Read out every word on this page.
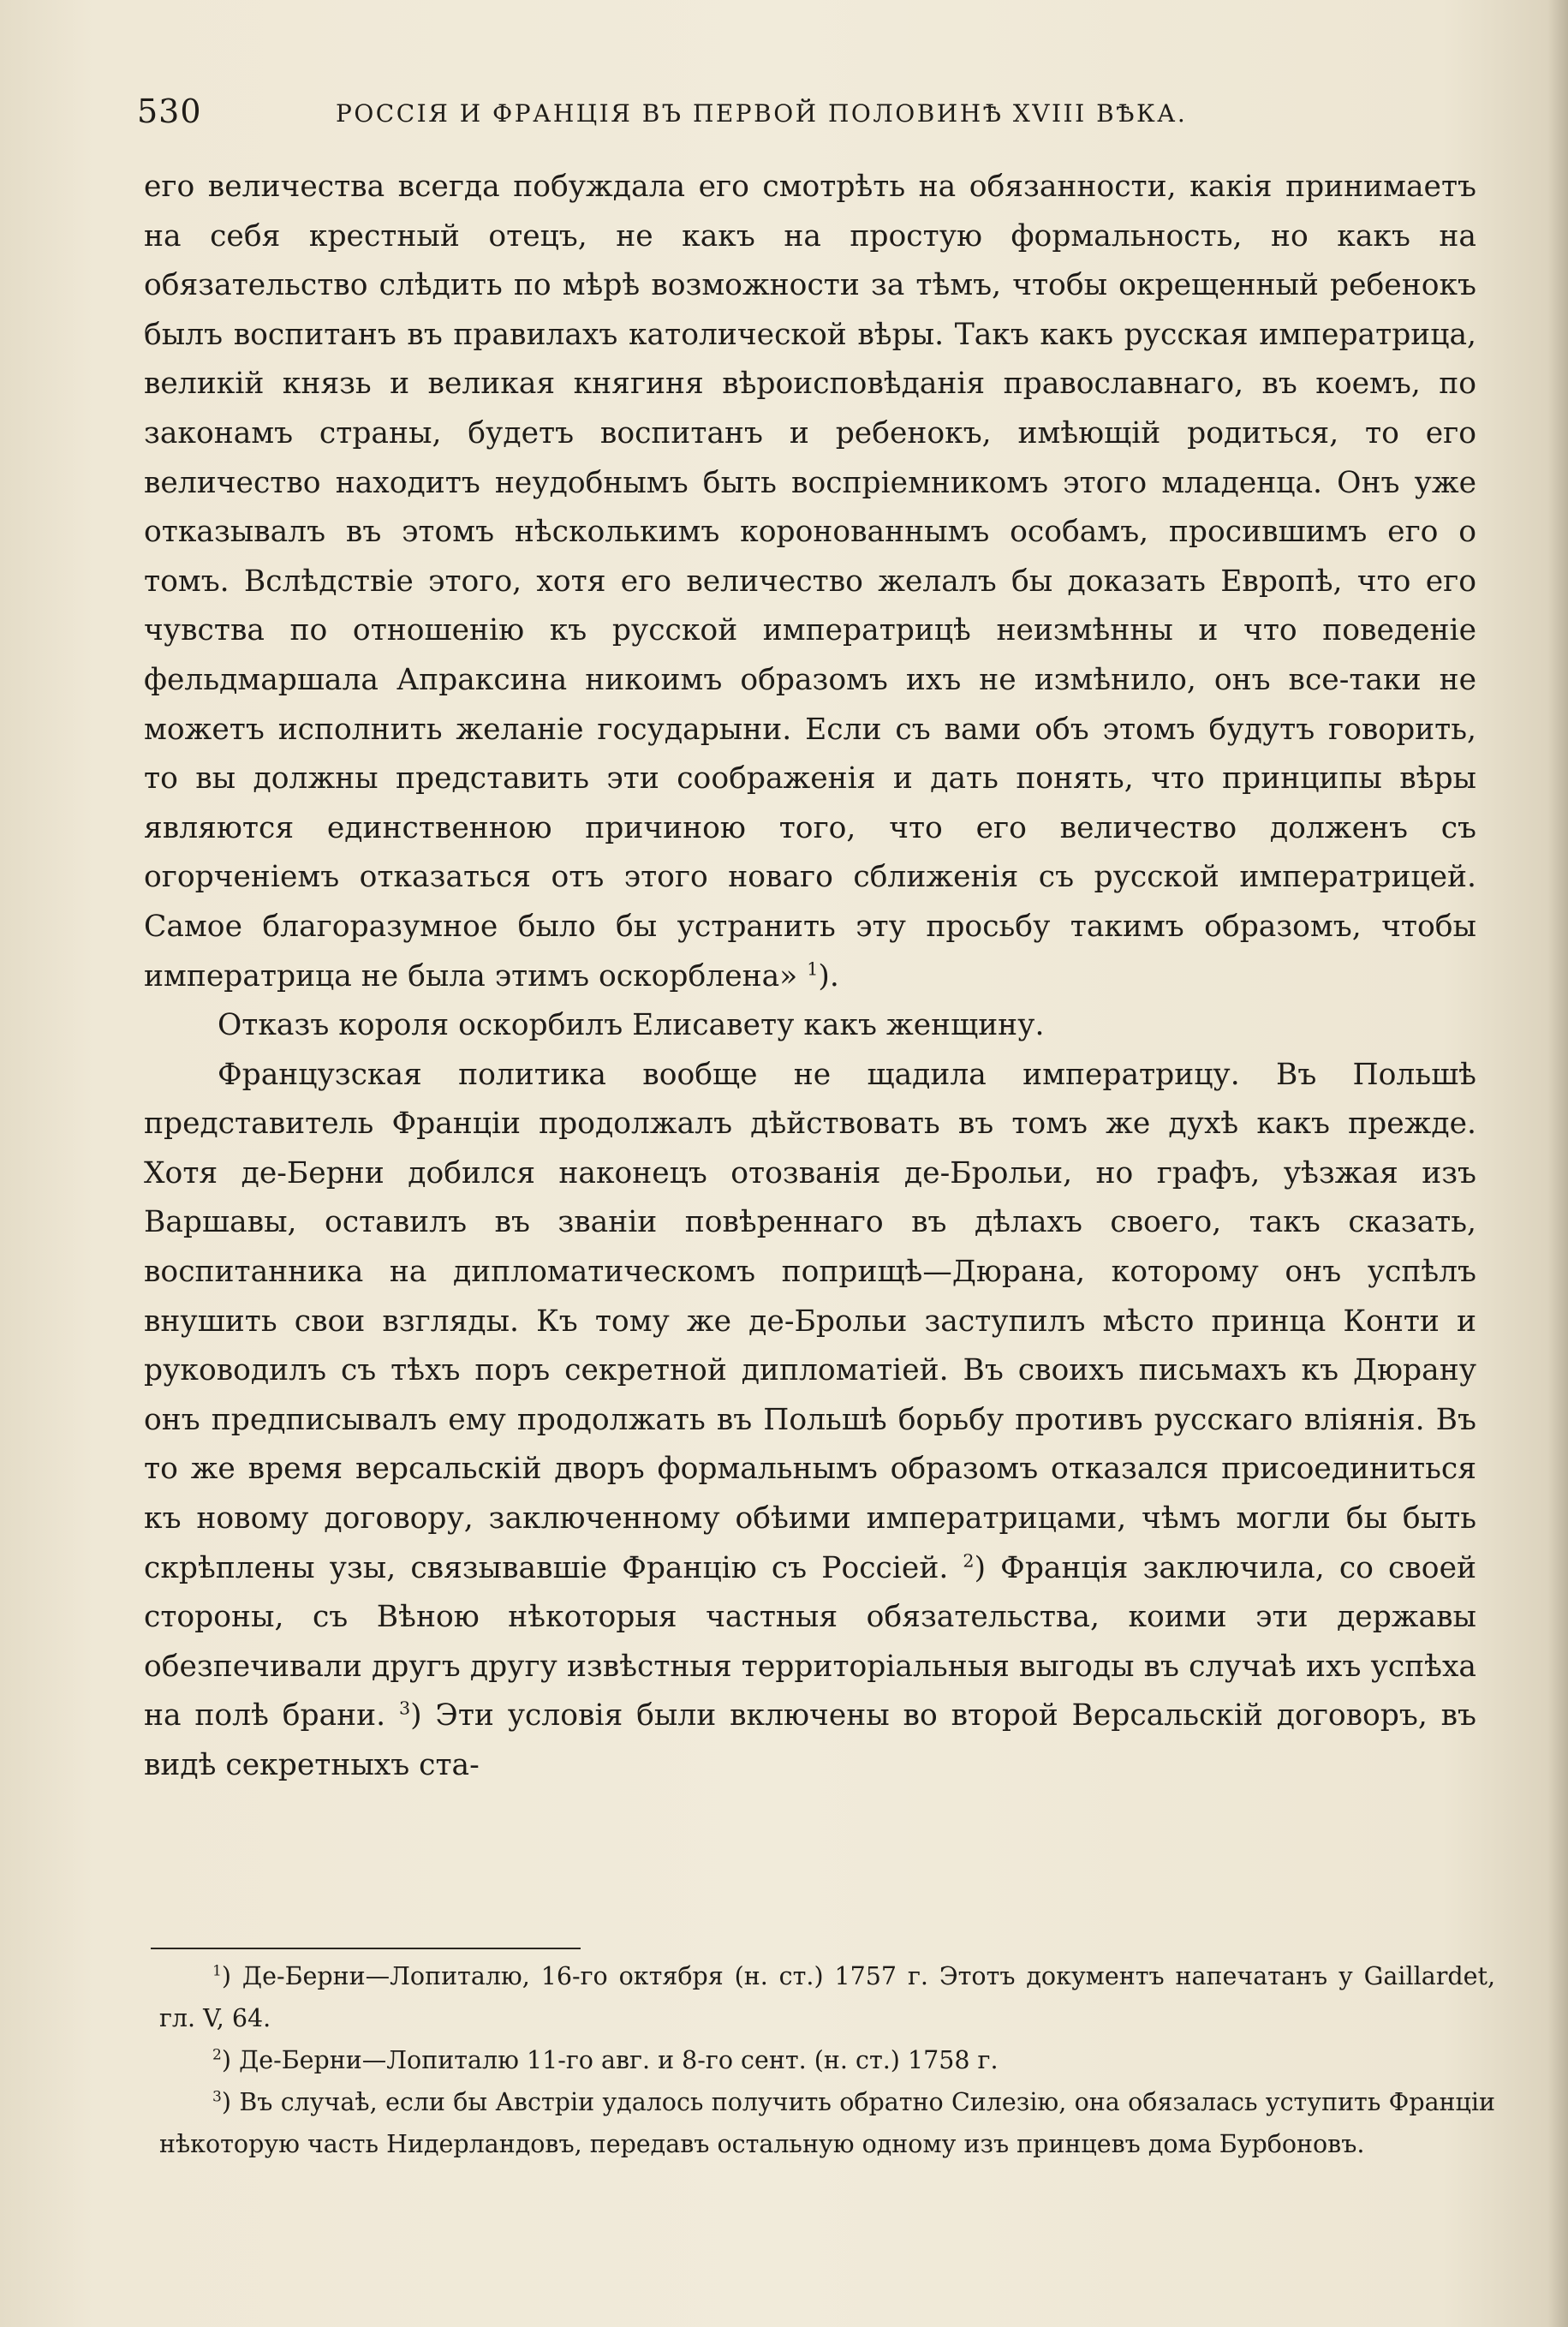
530	РОССІЯ И ФРАНЦІЯ ВЪ ПЕРВОЙ ПОЛОВИНѢ XVIII ВѢКА.

его величества всегда побуждала его смотрѣть на обязанности, какія принимаетъ на себя крестный отецъ, не какъ на простую формальность, но какъ на обязательство слѣдить по мѣрѣ возможности за тѣмъ, чтобы окрещенный ребенокъ былъ воспитанъ въ правилахъ католической вѣры. Такъ какъ русская императрица, великій князь и великая княгиня вѣроисповѣданія православнаго, въ коемъ, по законамъ страны, будетъ воспитанъ и ребенокъ, имѣющій родиться, то его величество находитъ неудобнымъ быть воспріемникомъ этого младенца. Онъ уже отказывалъ въ этомъ нѣсколькимъ коронованнымъ особамъ, просившимъ его о томъ. Вслѣдствіе этого, хотя его величество желалъ бы доказать Европѣ, что его чувства по отношенію къ русской императрицѣ неизмѣнны и что поведеніе фельдмаршала Апраксина никоимъ образомъ ихъ не измѣнило, онъ все-таки не можетъ исполнить желаніе государыни. Если съ вами объ этомъ будутъ говорить, то вы должны представить эти соображенія и дать понять, что принципы вѣры являются единственною причиною того, что его величество долженъ съ огорченіемъ отказаться отъ этого новаго сближенія съ русской императрицей. Самое благоразумное было бы устранить эту просьбу такимъ образомъ, чтобы императрица не была этимъ оскорблена» $^1$).

Отказъ короля оскорбилъ Елисавету какъ женщину.

Французская политика вообще не щадила императрицу. Въ Польшѣ представитель Франціи продолжалъ дѣйствовать въ томъ же духѣ какъ прежде. Хотя де-Берни добился наконецъ отозванія де-Брольи, но графъ, уѣзжая изъ Варшавы, оставилъ въ званіи повѣреннаго въ дѣлахъ своего, такъ сказать, воспитанника на дипломатическомъ поприщѣ—Дюрана, которому онъ успѣлъ внушить свои взгляды. Къ тому же де-Брольи заступилъ мѣсто принца Конти и руководилъ съ тѣхъ поръ секретной дипломатіей. Въ своихъ письмахъ къ Дюрану онъ предписывалъ ему продолжать въ Польшѣ борьбу противъ русскаго вліянія. Въ то же время версальскій дворъ формальнымъ образомъ отказался присоединиться къ новому договору, заключенному обѣими императрицами, чѣмъ могли бы быть скрѣплены узы, связывавшіе Францію съ Россіей. $^2$) Франція заключила, со своей стороны, съ Вѣною нѣкоторыя частныя обязательства, коими эти державы обезпечивали другъ другу извѣстныя территоріальныя выгоды въ случаѣ ихъ успѣха на полѣ брани. $^3$) Эти условія были включены во второй Версальскій договоръ, въ видѣ секретныхъ ста-

$^1$) Де-Берни—Лопиталю, 16-го октября (н. ст.) 1757 г. Этотъ документъ напечатанъ у Gaillardet, гл. V, 64.

$^2$) Де-Берни—Лопиталю 11-го авг. и 8-го сент. (н. ст.) 1758 г.

$^3$) Въ случаѣ, если бы Австріи удалось получить обратно Силезію, она обязалась уступить Франціи нѣкоторую часть Нидерландовъ, передавъ остальную одному изъ принцевъ дома Бурбоновъ.
